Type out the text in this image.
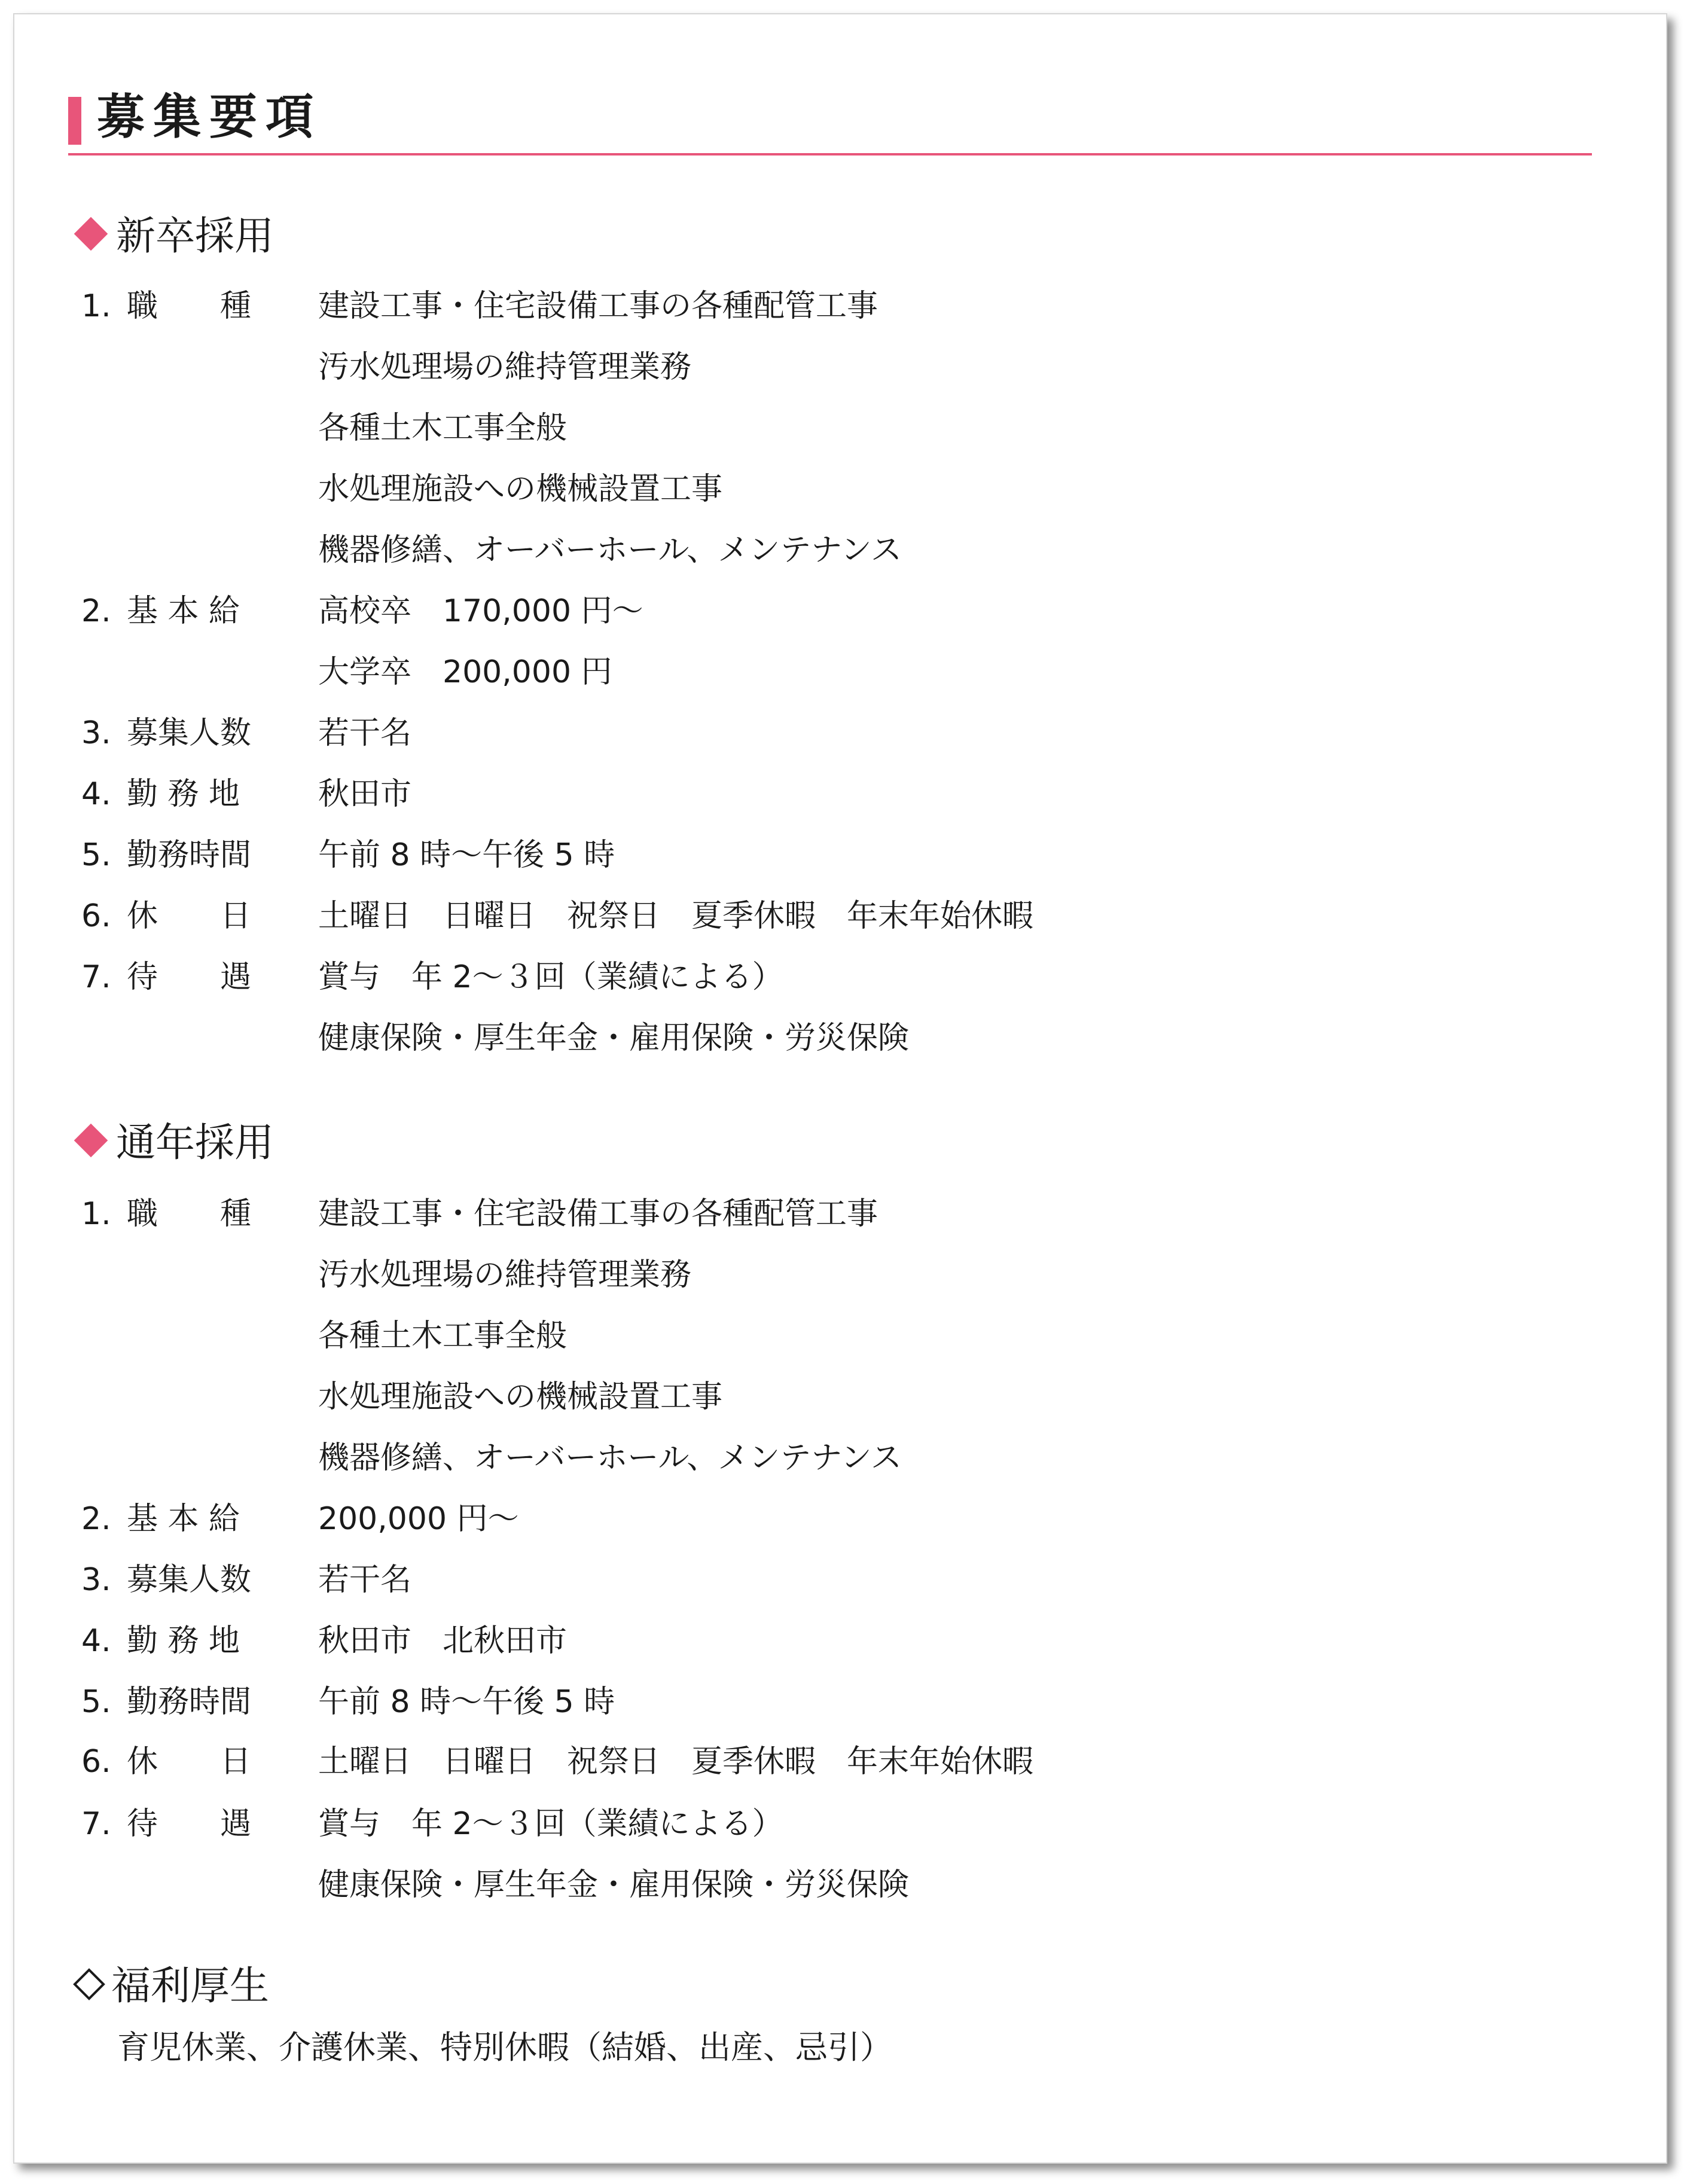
募集要項
新卒採用
1. 職　　種	建設工事・住宅設備工事の各種配管工事
汚水処理場の維持管理業務
各種土木工事全般
水処理施設への機械設置工事
機器修繕、オーバーホール、メンテナンス
2. 基 本 給	高校卒　170,000 円～
大学卒　200,000 円
3. 募集人数	若干名
4. 勤 務 地	秋田市
5. 勤務時間	午前 8 時～午後 5 時
6. 休　　日	土曜日　日曜日　祝祭日　夏季休暇　年末年始休暇
7. 待　　遇	賞与　年 2～３回（業績による）
健康保険・厚生年金・雇用保険・労災保険
通年採用
1. 職　　種	建設工事・住宅設備工事の各種配管工事
汚水処理場の維持管理業務
各種土木工事全般
水処理施設への機械設置工事
機器修繕、オーバーホール、メンテナンス
2. 基 本 給	200,000 円～
3. 募集人数	若干名
4. 勤 務 地	秋田市　北秋田市
5. 勤務時間	午前 8 時～午後 5 時
6. 休　　日	土曜日　日曜日　祝祭日　夏季休暇　年末年始休暇
7. 待　　遇	賞与　年 2～３回（業績による）
健康保険・厚生年金・雇用保険・労災保険
福利厚生
育児休業、介護休業、特別休暇（結婚、出産、忌引）
